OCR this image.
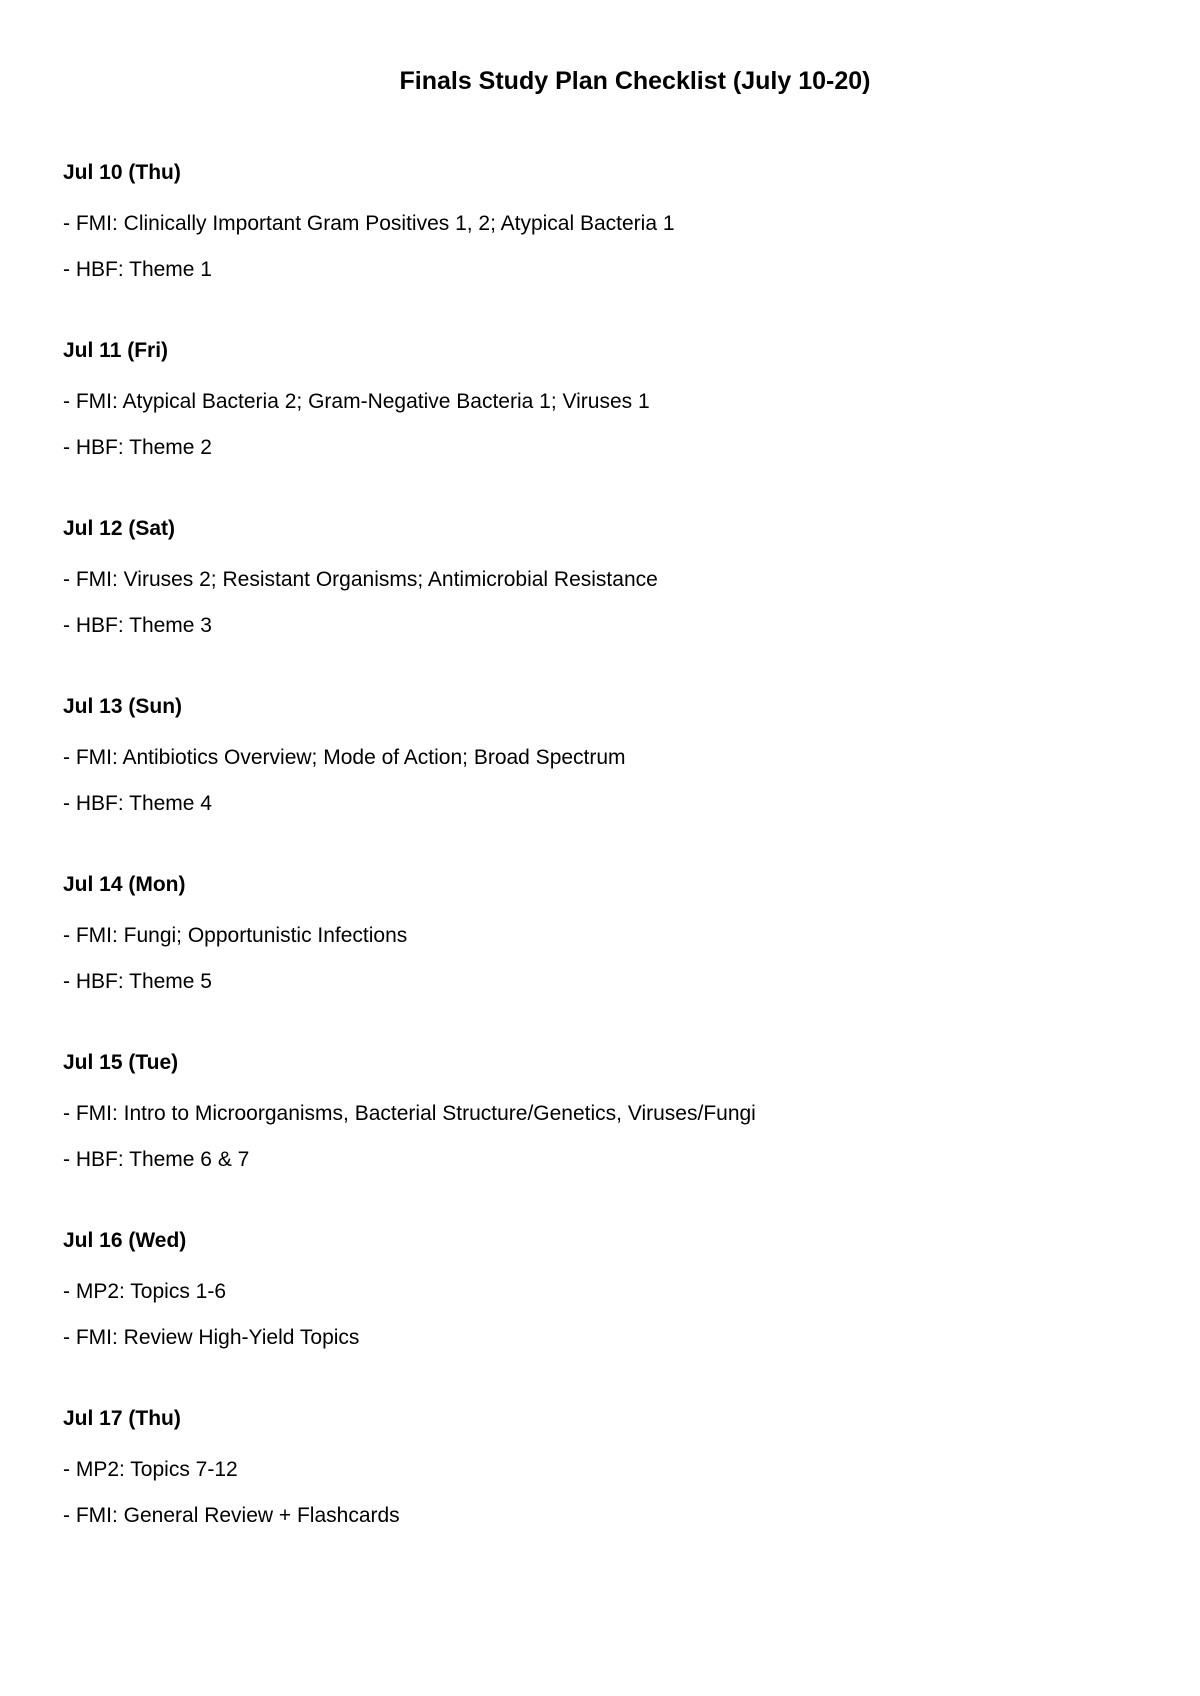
Finals Study Plan Checklist (July 10-20)
Jul 10 (Thu)
- FMI: Clinically Important Gram Positives 1, 2; Atypical Bacteria 1
- HBF: Theme 1
Jul 11 (Fri)
- FMI: Atypical Bacteria 2; Gram-Negative Bacteria 1; Viruses 1
- HBF: Theme 2
Jul 12 (Sat)
- FMI: Viruses 2; Resistant Organisms; Antimicrobial Resistance
- HBF: Theme 3
Jul 13 (Sun)
- FMI: Antibiotics Overview; Mode of Action; Broad Spectrum
- HBF: Theme 4
Jul 14 (Mon)
- FMI: Fungi; Opportunistic Infections
- HBF: Theme 5
Jul 15 (Tue)
- FMI: Intro to Microorganisms, Bacterial Structure/Genetics, Viruses/Fungi
- HBF: Theme 6 & 7
Jul 16 (Wed)
- MP2: Topics 1-6
- FMI: Review High-Yield Topics
Jul 17 (Thu)
- MP2: Topics 7-12
- FMI: General Review + Flashcards
